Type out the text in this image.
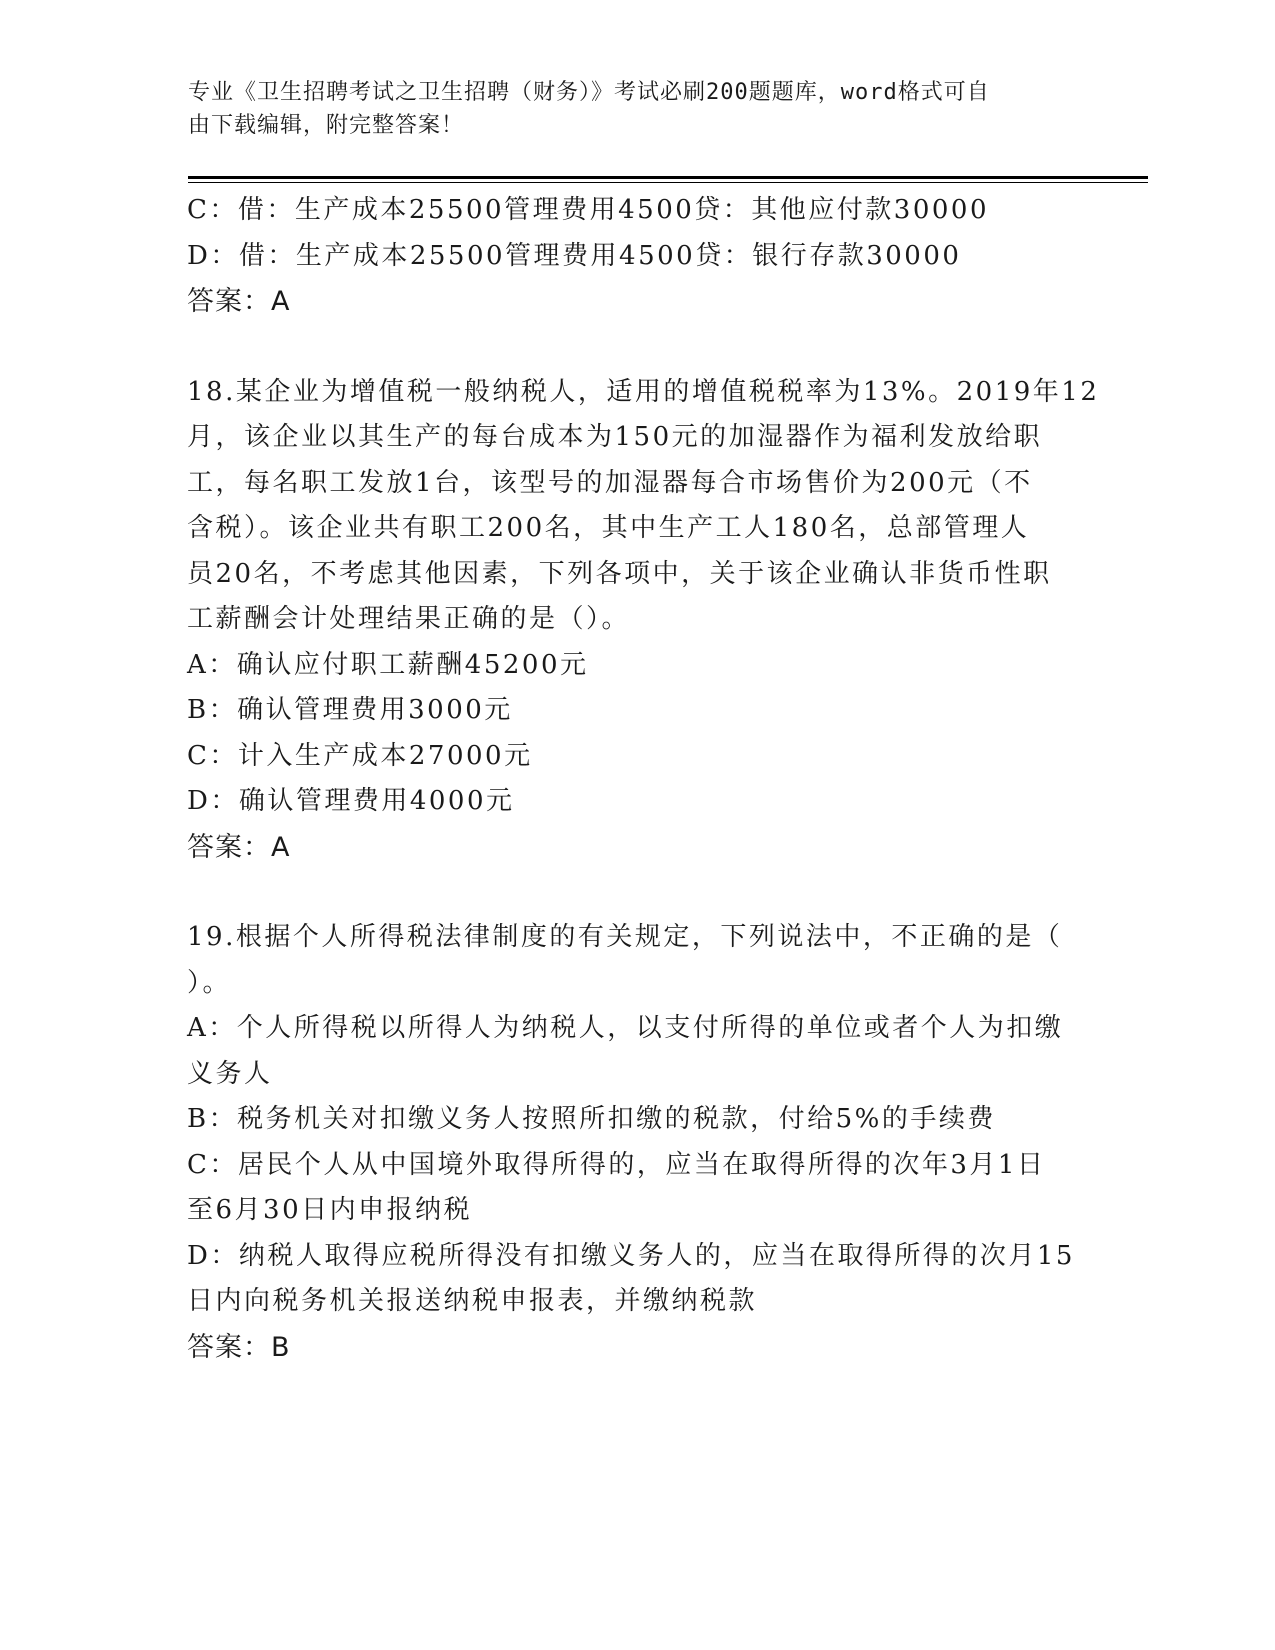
专业《卫生招聘考试之卫生招聘（财务）》考试必刷200题题库，word格式可自
由下载编辑，附完整答案！
C：借：生产成本25500管理费用4500贷：其他应付款30000
D：借：生产成本25500管理费用4500贷：银行存款30000
答案：A
18.某企业为增值税一般纳税人，适用的增值税税率为13%。2019年12
月，该企业以其生产的每台成本为150元的加湿器作为福利发放给职
工，每名职工发放1台，该型号的加湿器每合市场售价为200元（不
含税）。该企业共有职工200名，其中生产工人180名，总部管理人
员20名，不考虑其他因素，下列各项中，关于该企业确认非货币性职
工薪酬会计处理结果正确的是（）。
A：确认应付职工薪酬45200元
B：确认管理费用3000元
C：计入生产成本27000元
D：确认管理费用4000元
答案：A
19.根据个人所得税法律制度的有关规定，下列说法中，不正确的是（
）。
A：个人所得税以所得人为纳税人，以支付所得的单位或者个人为扣缴
义务人
B：税务机关对扣缴义务人按照所扣缴的税款，付给5%的手续费
C：居民个人从中国境外取得所得的，应当在取得所得的次年3月1日
至6月30日内申报纳税
D：纳税人取得应税所得没有扣缴义务人的，应当在取得所得的次月15
日内向税务机关报送纳税申报表，并缴纳税款
答案：B
